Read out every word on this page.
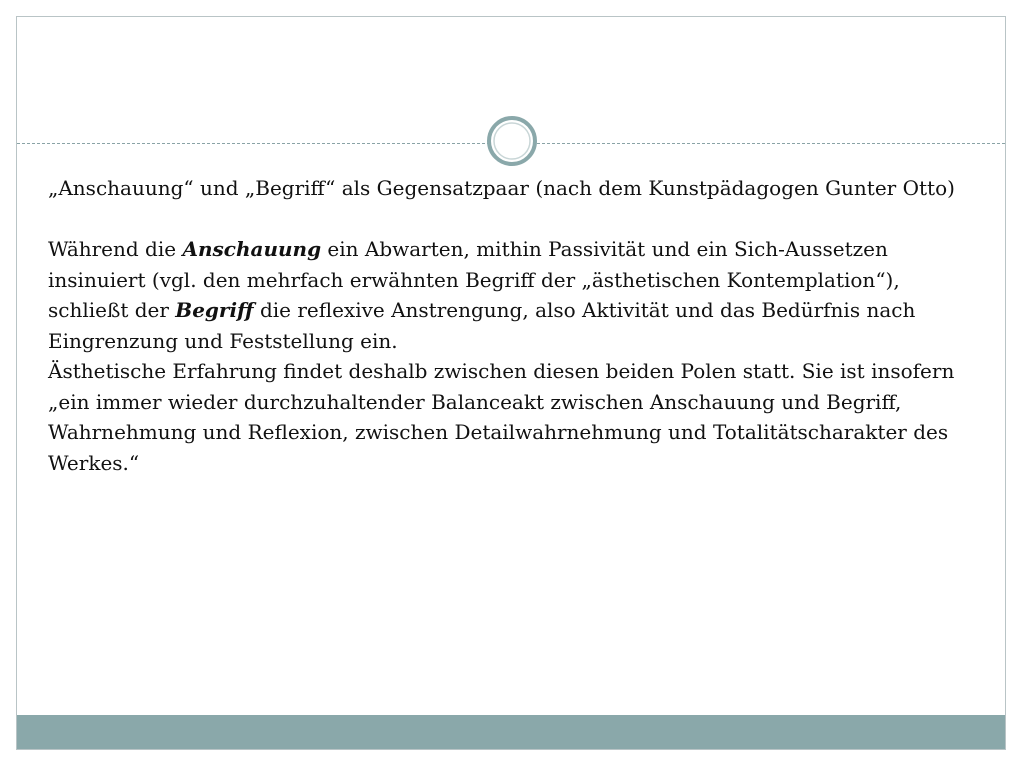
„Anschauung“ und „Begriff“ als Gegensatzpaar (nach dem Kunstpädagogen Gunter Otto)

Während die Anschauung ein Abwarten, mithin Passivität und ein Sich-Aussetzen insinuiert (vgl. den mehrfach erwähnten Begriff der „ästhetischen Kontemplation“),

schließt der Begriff die reflexive Anstrengung, also Aktivität und das Bedürfnis nach Eingrenzung und Feststellung ein.

Ästhetische Erfahrung findet deshalb zwischen diesen beiden Polen statt. Sie ist insofern „ein immer wieder durchzuhaltender Balanceakt zwischen Anschauung und Begriff, Wahrnehmung und Reflexion, zwischen Detailwahrnehmung und Totalitätscharakter des Werkes.“
